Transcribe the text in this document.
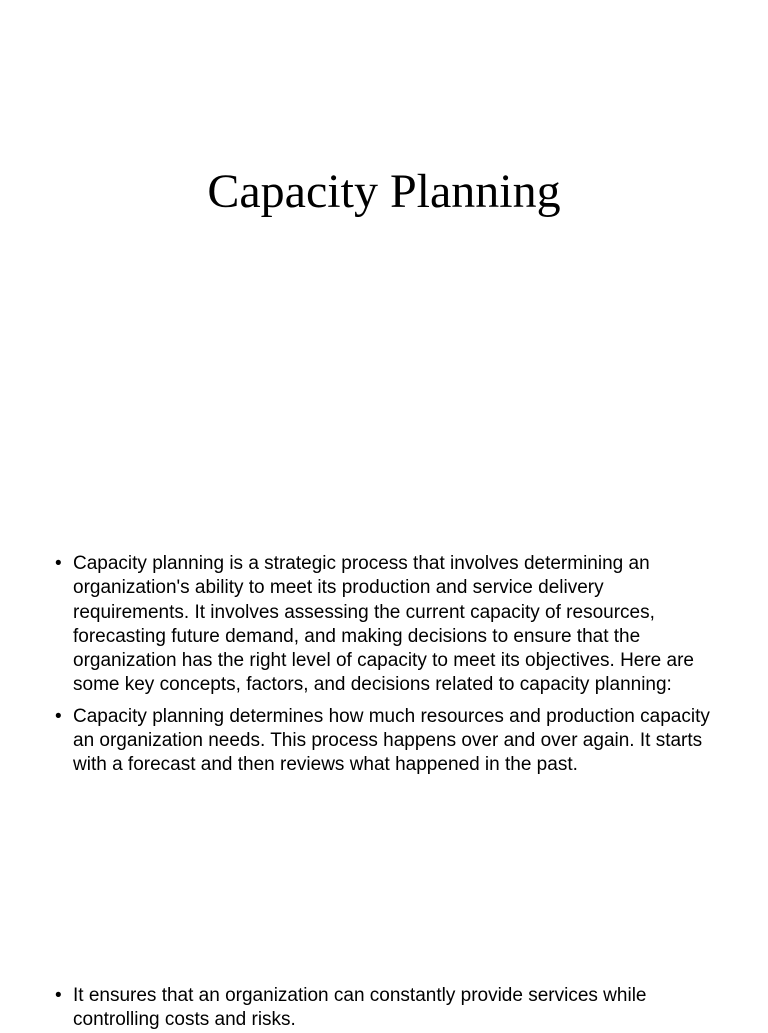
Capacity Planning
• Capacity planning is a strategic process that involves determining an organization's ability to meet its production and service delivery requirements. It involves assessing the current capacity of resources, forecasting future demand, and making decisions to ensure that the organization has the right level of capacity to meet its objectives. Here are some key concepts, factors, and decisions related to capacity planning:
• Capacity planning determines how much resources and production capacity an organization needs. This process happens over and over again. It starts with a forecast and then reviews what happened in the past.
• It ensures that an organization can constantly provide services while controlling costs and risks.
